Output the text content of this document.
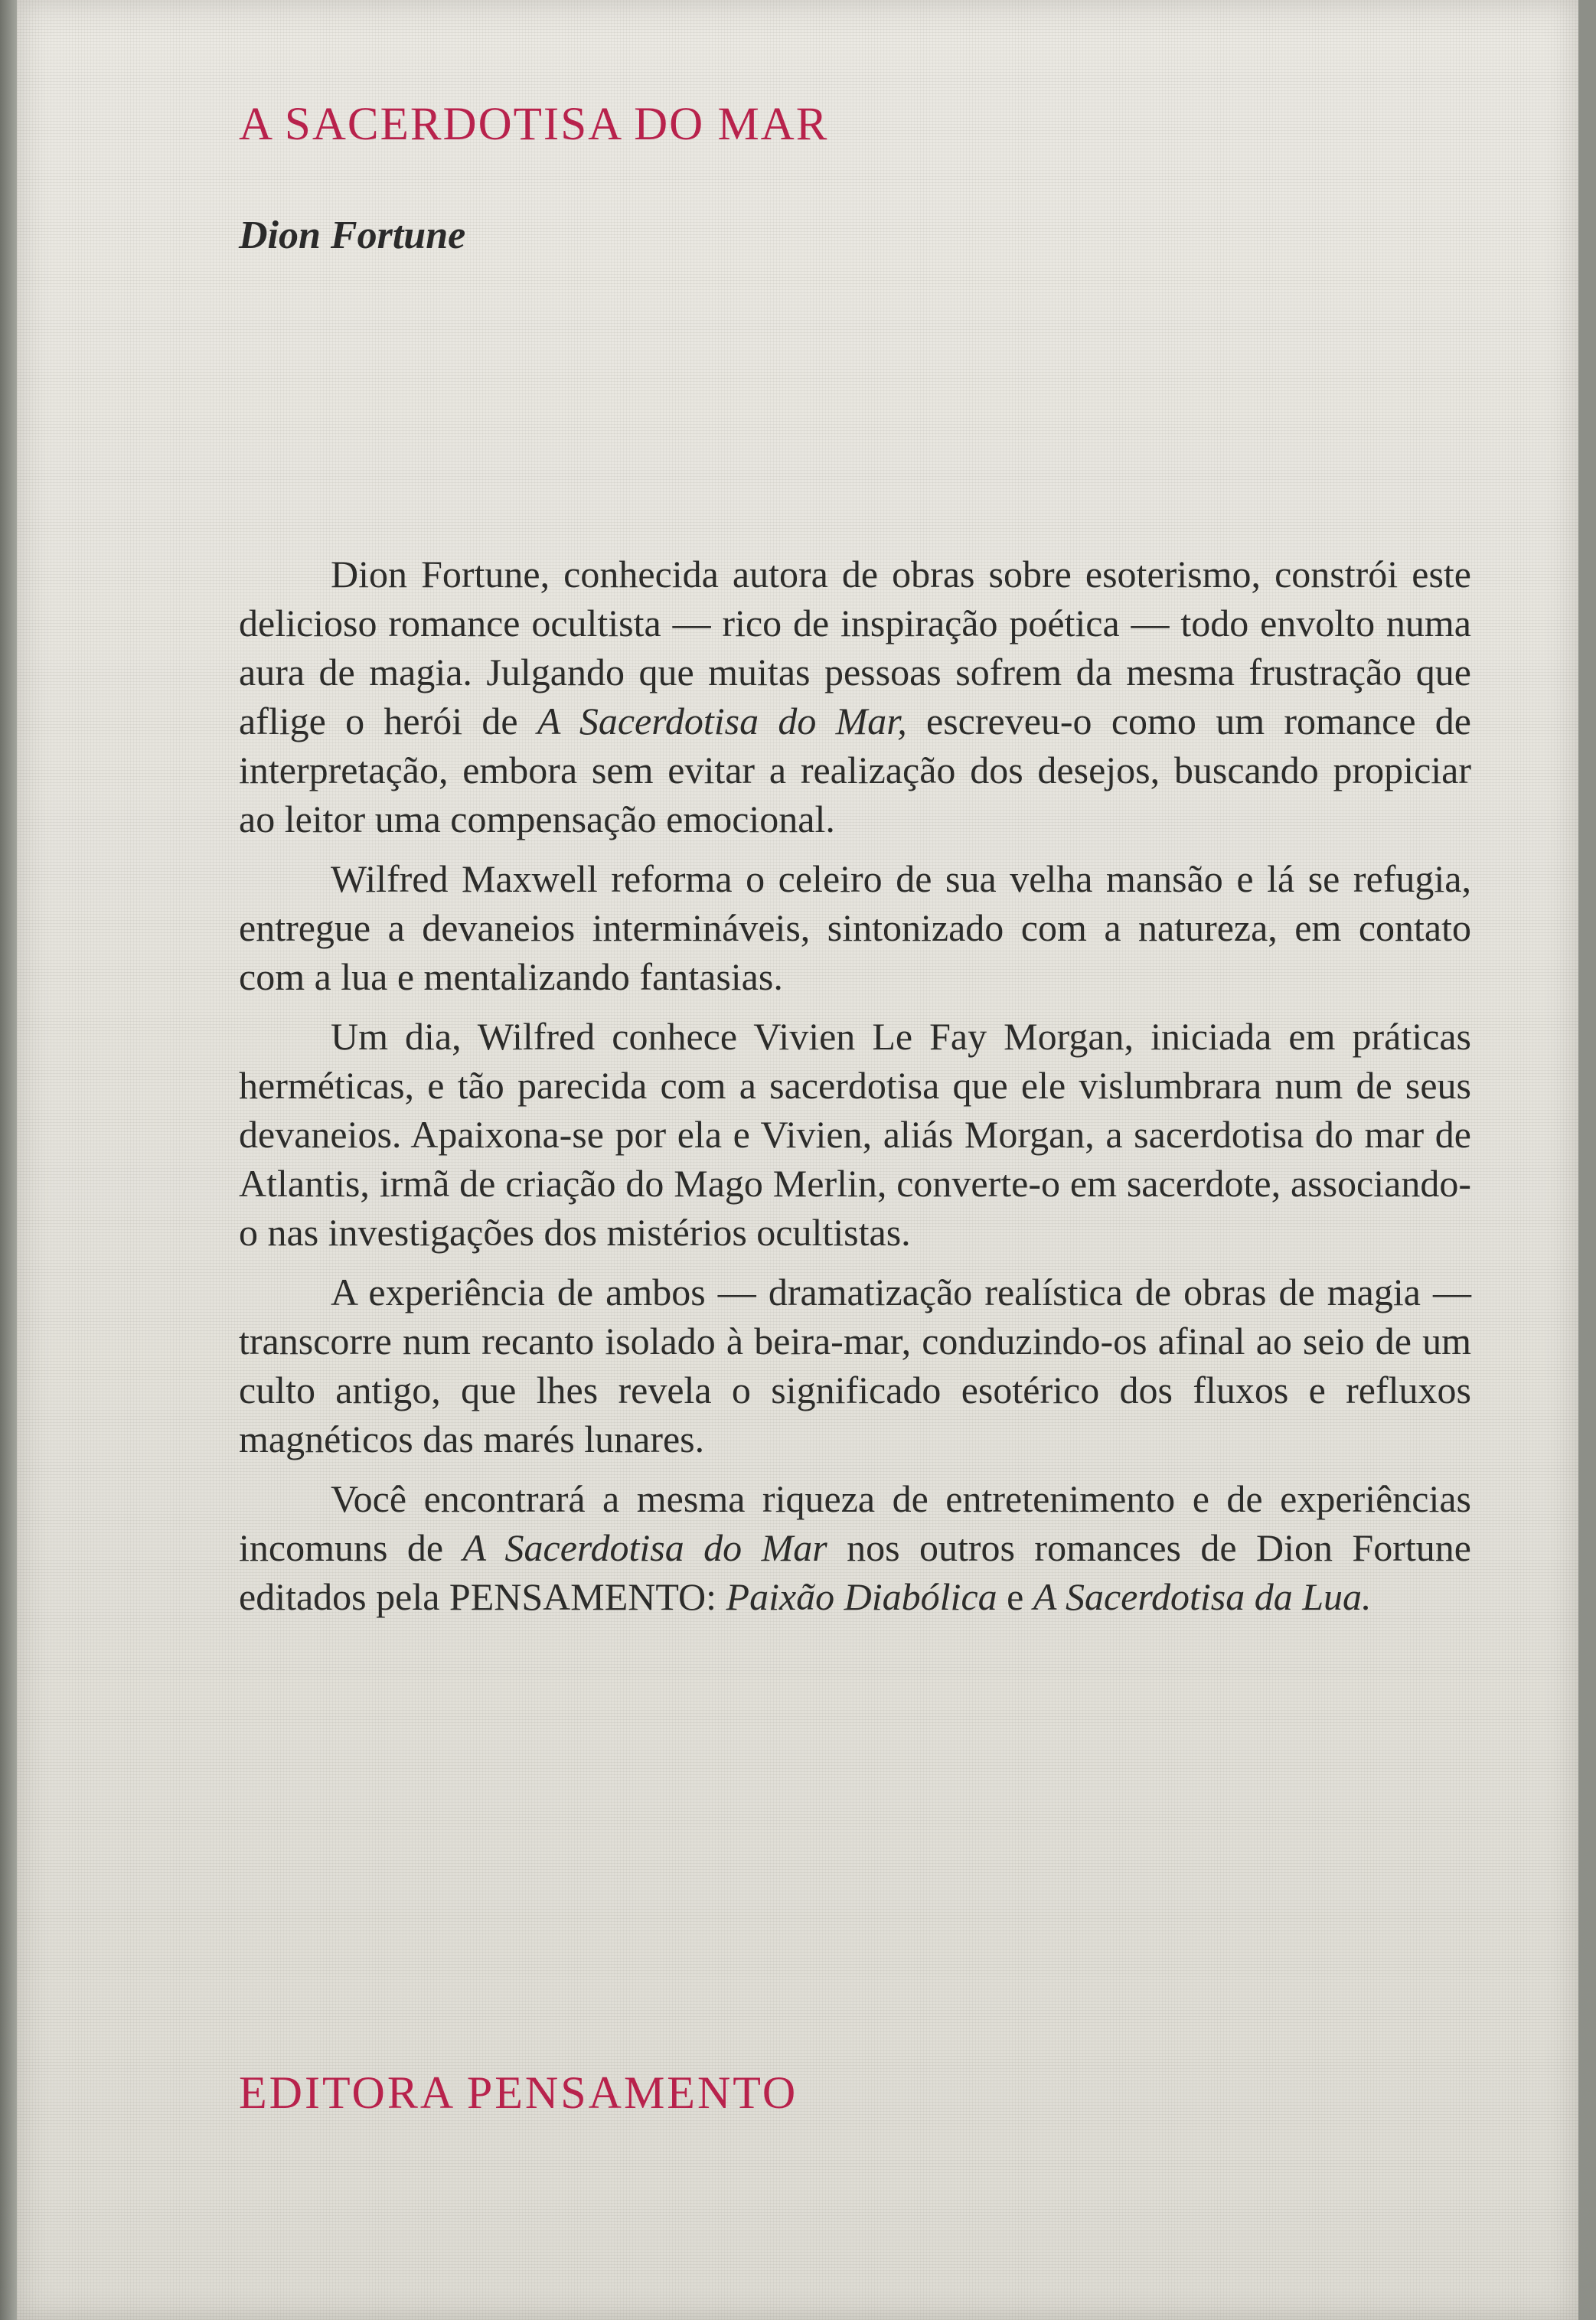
A SACERDOTISA DO MAR
Dion Fortune

Dion Fortune, conhecida autora de obras sobre esoterismo, constrói este delicioso romance ocultista — rico de inspiração poética — todo envolto numa aura de magia. Julgando que muitas pessoas sofrem da mesma frustração que aflige o herói de A Sacerdotisa do Mar, escreveu-o como um romance de interpretação, embora sem evitar a realização dos desejos, buscando propiciar ao leitor uma compensação emocional.

Wilfred Maxwell reforma o celeiro de sua velha mansão e lá se refugia, entregue a devaneios intermináveis, sintonizado com a natureza, em contato com a lua e mentalizando fantasias.

Um dia, Wilfred conhece Vivien Le Fay Morgan, iniciada em práticas herméticas, e tão parecida com a sacerdotisa que ele vislumbrara num de seus devaneios. Apaixona-se por ela e Vivien, aliás Morgan, a sacerdotisa do mar de Atlantis, irmã de criação do Mago Merlin, converte-o em sacerdote, associando-o nas investigações dos mistérios ocultistas.

A experiência de ambos — dramatização realística de obras de magia — transcorre num recanto isolado à beira-mar, conduzindo-os afinal ao seio de um culto antigo, que lhes revela o significado esotérico dos fluxos e refluxos magnéticos das marés lunares.

Você encontrará a mesma riqueza de entretenimento e de experiências incomuns de A Sacerdotisa do Mar nos outros romances de Dion Fortune editados pela PENSAMENTO: Paixão Diabólica e A Sacerdotisa da Lua.

EDITORA PENSAMENTO
